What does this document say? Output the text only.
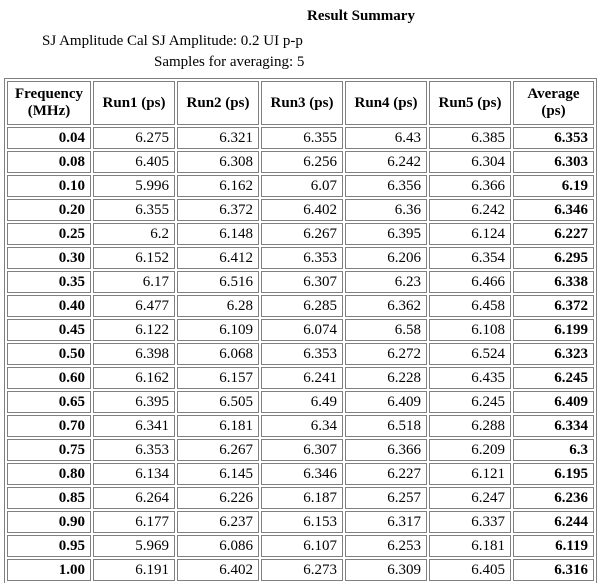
Result Summary
SJ Amplitude Cal SJ Amplitude: 0.2 UI p-p
Samples for averaging: 5
Frequency (MHz)	Run1 (ps)	Run2 (ps)	Run3 (ps)	Run4 (ps)	Run5 (ps)	Average (ps)
0.04	6.275	6.321	6.355	6.43	6.385	6.353
0.08	6.405	6.308	6.256	6.242	6.304	6.303
0.10	5.996	6.162	6.07	6.356	6.366	6.19
0.20	6.355	6.372	6.402	6.36	6.242	6.346
0.25	6.2	6.148	6.267	6.395	6.124	6.227
0.30	6.152	6.412	6.353	6.206	6.354	6.295
0.35	6.17	6.516	6.307	6.23	6.466	6.338
0.40	6.477	6.28	6.285	6.362	6.458	6.372
0.45	6.122	6.109	6.074	6.58	6.108	6.199
0.50	6.398	6.068	6.353	6.272	6.524	6.323
0.60	6.162	6.157	6.241	6.228	6.435	6.245
0.65	6.395	6.505	6.49	6.409	6.245	6.409
0.70	6.341	6.181	6.34	6.518	6.288	6.334
0.75	6.353	6.267	6.307	6.366	6.209	6.3
0.80	6.134	6.145	6.346	6.227	6.121	6.195
0.85	6.264	6.226	6.187	6.257	6.247	6.236
0.90	6.177	6.237	6.153	6.317	6.337	6.244
0.95	5.969	6.086	6.107	6.253	6.181	6.119
1.00	6.191	6.402	6.273	6.309	6.405	6.316
